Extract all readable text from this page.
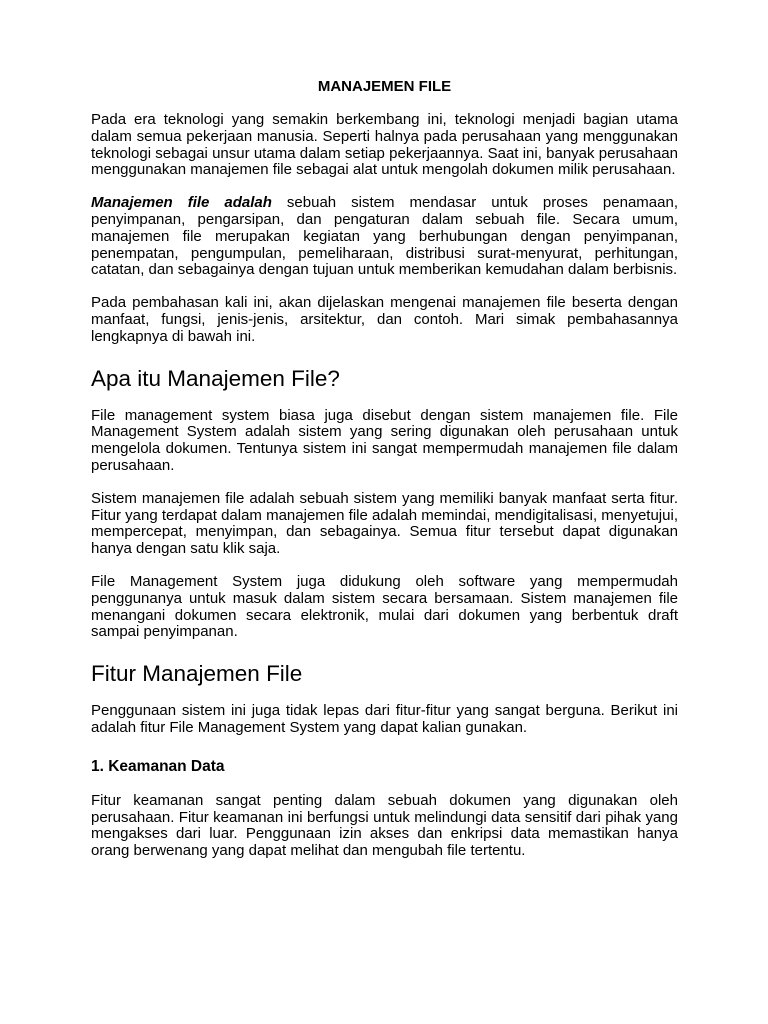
MANAJEMEN FILE

Pada era teknologi yang semakin berkembang ini, teknologi menjadi bagian utama dalam semua pekerjaan manusia. Seperti halnya pada perusahaan yang menggunakan teknologi sebagai unsur utama dalam setiap pekerjaannya. Saat ini, banyak perusahaan menggunakan manajemen file sebagai alat untuk mengolah dokumen milik perusahaan.

Manajemen file adalah sebuah sistem mendasar untuk proses penamaan, penyimpanan, pengarsipan, dan pengaturan dalam sebuah file. Secara umum, manajemen file merupakan kegiatan yang berhubungan dengan penyimpanan, penempatan, pengumpulan, pemeliharaan, distribusi surat-menyurat, perhitungan, catatan, dan sebagainya dengan tujuan untuk memberikan kemudahan dalam berbisnis.

Pada pembahasan kali ini, akan dijelaskan mengenai manajemen file beserta dengan manfaat, fungsi, jenis-jenis, arsitektur, dan contoh. Mari simak pembahasannya lengkapnya di bawah ini.

Apa itu Manajemen File?

File management system biasa juga disebut dengan sistem manajemen file. File Management System adalah sistem yang sering digunakan oleh perusahaan untuk mengelola dokumen. Tentunya sistem ini sangat mempermudah manajemen file dalam perusahaan.

Sistem manajemen file adalah sebuah sistem yang memiliki banyak manfaat serta fitur. Fitur yang terdapat dalam manajemen file adalah memindai, mendigitalisasi, menyetujui, mempercepat, menyimpan, dan sebagainya. Semua fitur tersebut dapat digunakan hanya dengan satu klik saja.

File Management System juga didukung oleh software yang mempermudah penggunanya untuk masuk dalam sistem secara bersamaan. Sistem manajemen file menangani dokumen secara elektronik, mulai dari dokumen yang berbentuk draft sampai penyimpanan.

Fitur Manajemen File

Penggunaan sistem ini juga tidak lepas dari fitur-fitur yang sangat berguna. Berikut ini adalah fitur File Management System yang dapat kalian gunakan.

1. Keamanan Data

Fitur keamanan sangat penting dalam sebuah dokumen yang digunakan oleh perusahaan. Fitur keamanan ini berfungsi untuk melindungi data sensitif dari pihak yang mengakses dari luar. Penggunaan izin akses dan enkripsi data memastikan hanya orang berwenang yang dapat melihat dan mengubah file tertentu.
